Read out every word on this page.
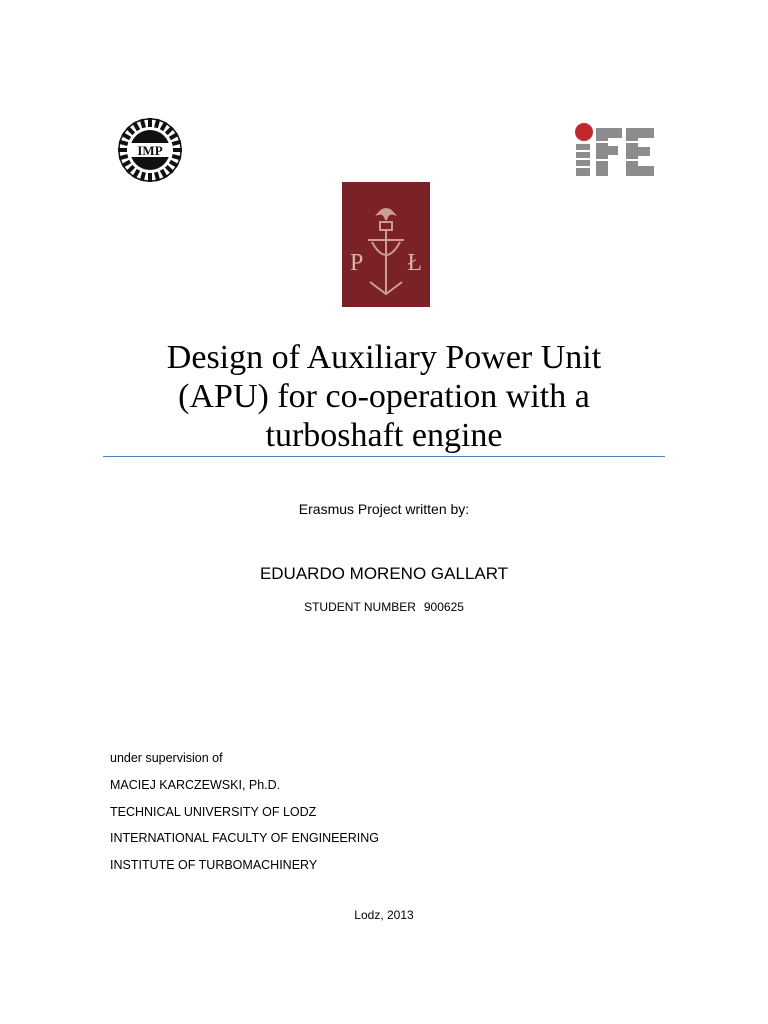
IMP
iFE
PŁ
Design of Auxiliary Power Unit
(APU) for co-operation with a
turboshaft engine
Erasmus Project written by:
EDUARDO MORENO GALLART
STUDENT NUMBER 900625
under supervision of
MACIEJ KARCZEWSKI, Ph.D.
TECHNICAL UNIVERSITY OF LODZ
INTERNATIONAL FACULTY OF ENGINEERING
INSTITUTE OF TURBOMACHINERY
Lodz, 2013
